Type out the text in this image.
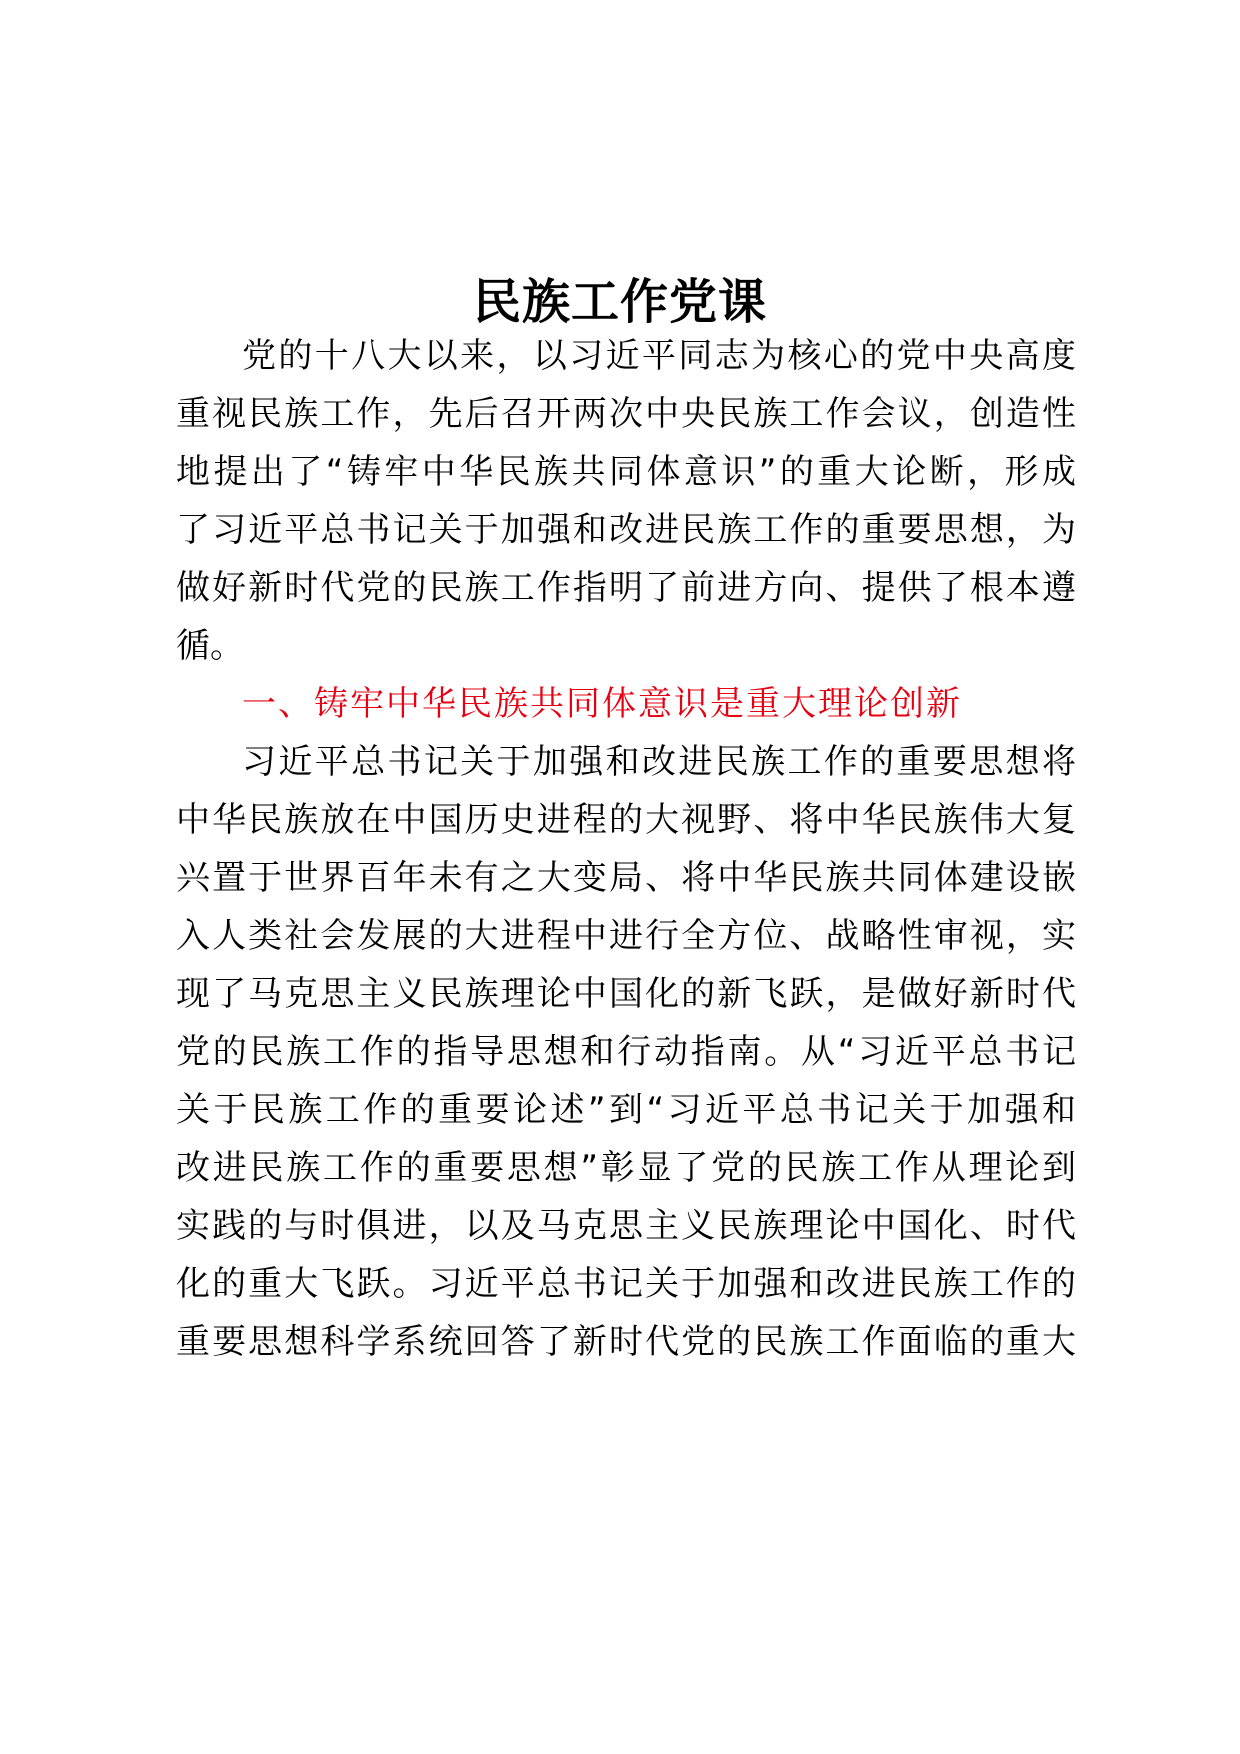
民族工作党课
党的十八大以来，以习近平同志为核心的党中央高度
重视民族工作，先后召开两次中央民族工作会议，创造性
地提出了“铸牢中华民族共同体意识”的重大论断，形成
了习近平总书记关于加强和改进民族工作的重要思想，为
做好新时代党的民族工作指明了前进方向、提供了根本遵
循。
一、铸牢中华民族共同体意识是重大理论创新
习近平总书记关于加强和改进民族工作的重要思想将
中华民族放在中国历史进程的大视野、将中华民族伟大复
兴置于世界百年未有之大变局、将中华民族共同体建设嵌
入人类社会发展的大进程中进行全方位、战略性审视，实
现了马克思主义民族理论中国化的新飞跃，是做好新时代
党的民族工作的指导思想和行动指南。从“习近平总书记
关于民族工作的重要论述”到“习近平总书记关于加强和
改进民族工作的重要思想”彰显了党的民族工作从理论到
实践的与时俱进，以及马克思主义民族理论中国化、时代
化的重大飞跃。习近平总书记关于加强和改进民族工作的
重要思想科学系统回答了新时代党的民族工作面临的重大
